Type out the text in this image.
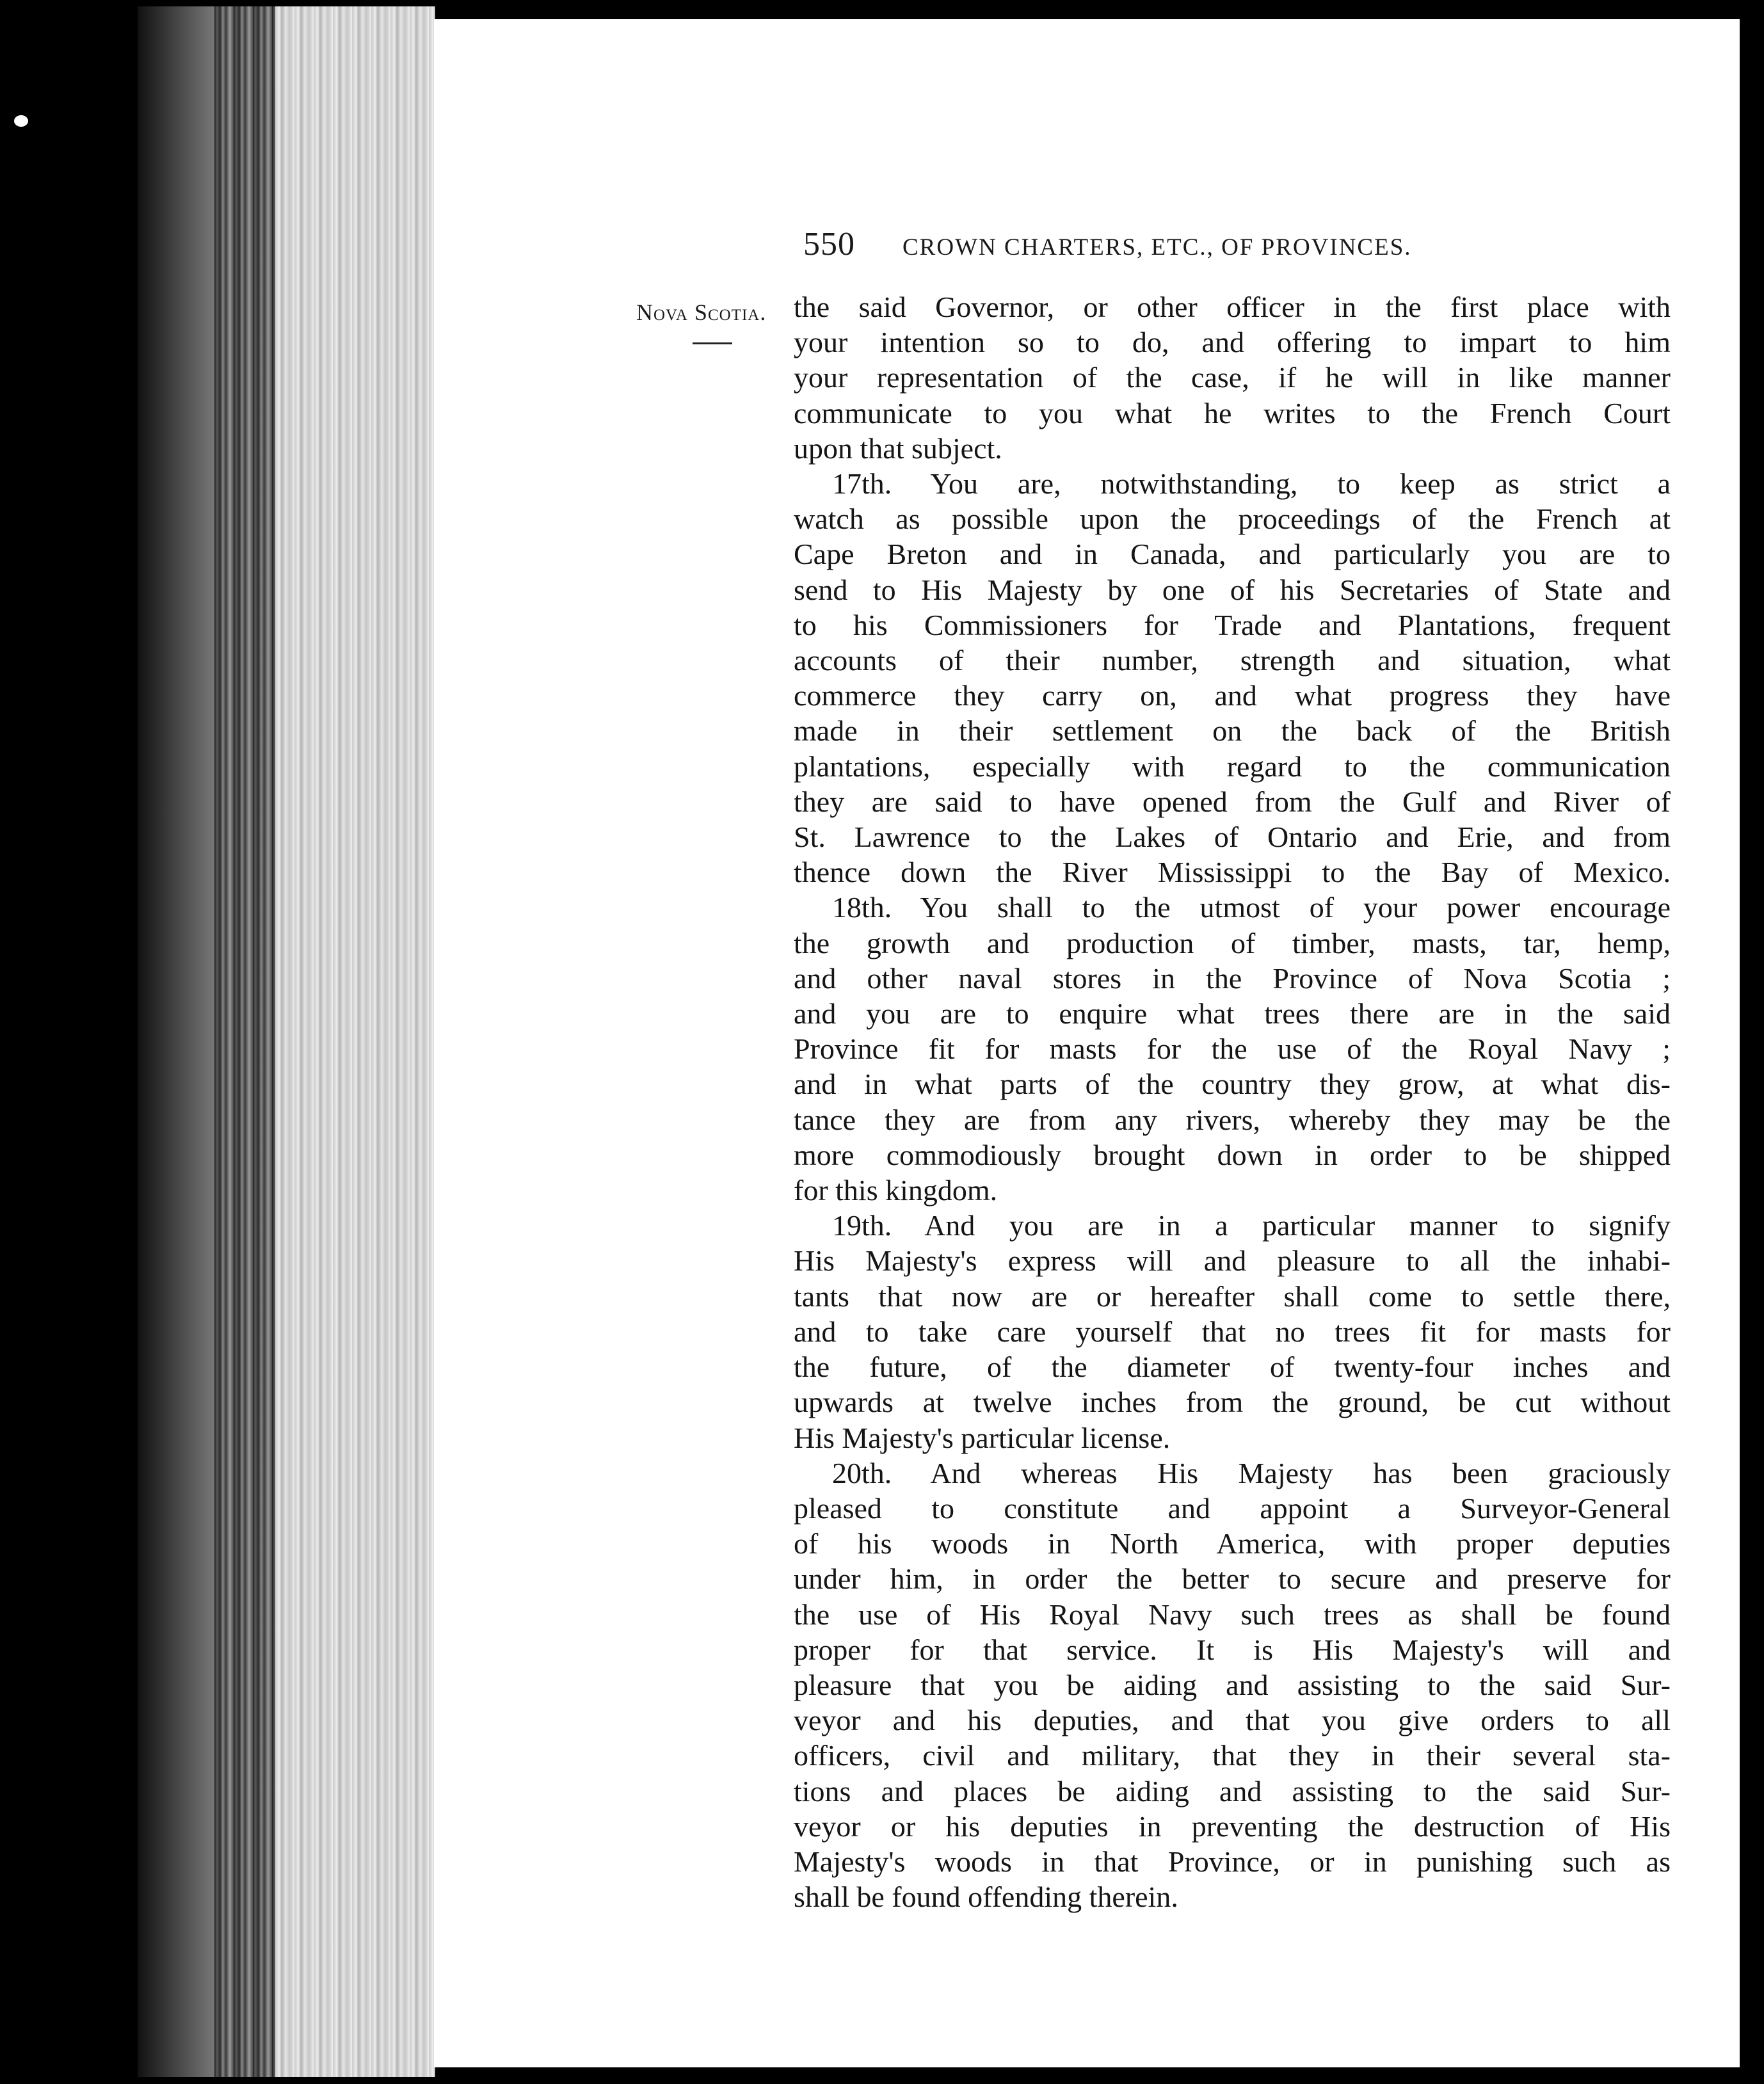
550 CROWN CHARTERS, ETC., OF PROVINCES.
Nova Scotia. the said Governor, or other officer in the first place with
your intention so to do, and offering to impart to him
your representation of the case, if he will in like manner
communicate to you what he writes to the French Court
upon that subject.
17th. You are, notwithstanding, to keep as strict a
watch as possible upon the proceedings of the French at
Cape Breton and in Canada, and particularly you are to
send to His Majesty by one of his Secretaries of State and
to his Commissioners for Trade and Plantations, frequent
accounts of their number, strength and situation, what
commerce they carry on, and what progress they have
made in their settlement on the back of the British
plantations, especially with regard to the communication
they are said to have opened from the Gulf and River of
St. Lawrence to the Lakes of Ontario and Erie, and from
thence down the River Mississippi to the Bay of Mexico.
18th. You shall to the utmost of your power encourage
the growth and production of timber, masts, tar, hemp,
and other naval stores in the Province of Nova Scotia ;
and you are to enquire what trees there are in the said
Province fit for masts for the use of the Royal Navy ;
and in what parts of the country they grow, at what dis-
tance they are from any rivers, whereby they may be the
more commodiously brought down in order to be shipped
for this kingdom.
19th. And you are in a particular manner to signify
His Majesty's express will and pleasure to all the inhabi-
tants that now are or hereafter shall come to settle there,
and to take care yourself that no trees fit for masts for
the future, of the diameter of twenty-four inches and
upwards at twelve inches from the ground, be cut without
His Majesty's particular license.
20th. And whereas His Majesty has been graciously
pleased to constitute and appoint a Surveyor-General
of his woods in North America, with proper deputies
under him, in order the better to secure and preserve for
the use of His Royal Navy such trees as shall be found
proper for that service. It is His Majesty's will and
pleasure that you be aiding and assisting to the said Sur-
veyor and his deputies, and that you give orders to all
officers, civil and military, that they in their several sta-
tions and places be aiding and assisting to the said Sur-
veyor or his deputies in preventing the destruction of His
Majesty's woods in that Province, or in punishing such as
shall be found offending therein.
